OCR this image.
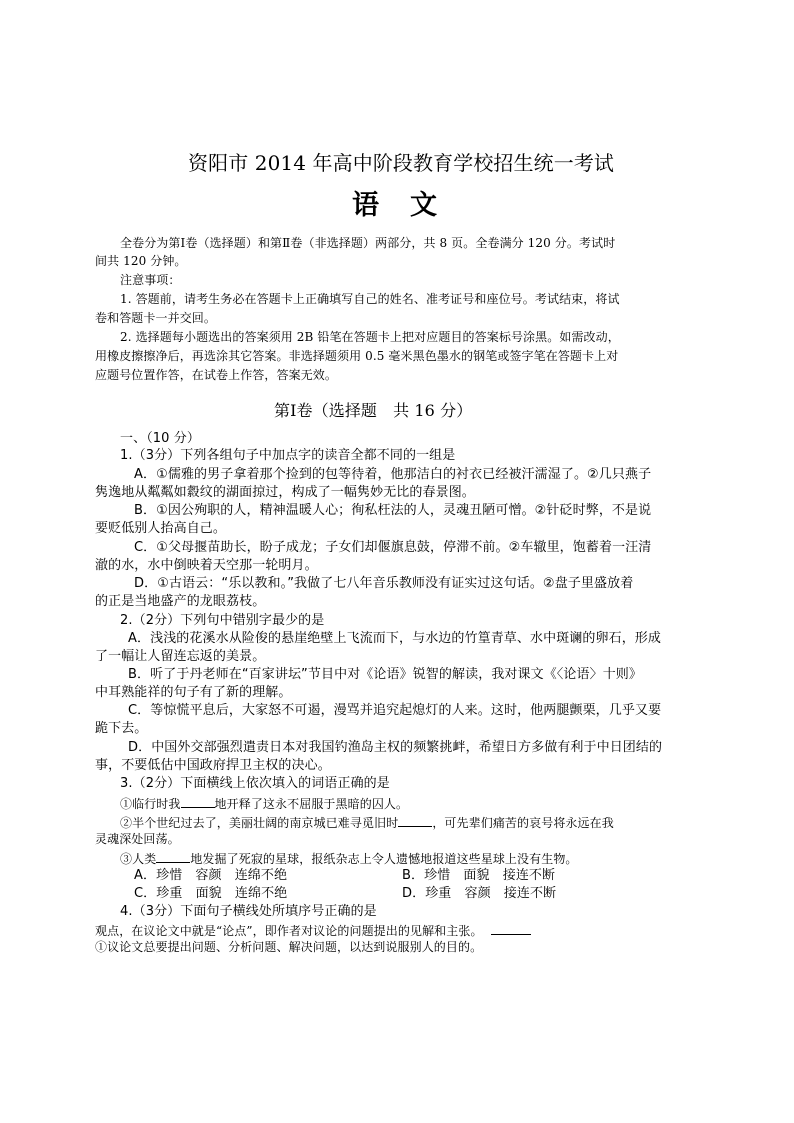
资阳市 2014 年高中阶段教育学校招生统一考试
语 文
全卷分为第Ⅰ卷（选择题）和第Ⅱ卷（非选择题）两部分，共 8 页。全卷满分 120 分。考试时
间共 120 分钟。
注意事项：
1. 答题前，请考生务必在答题卡上正确填写自己的姓名、准考证号和座位号。考试结束，将试
卷和答题卡一并交回。
2. 选择题每小题选出的答案须用 2B 铅笔在答题卡上把对应题目的答案标号涂黑。如需改动，
用橡皮擦擦净后，再选涂其它答案。非选择题须用 0.5 毫米黑色墨水的钢笔或签字笔在答题卡上对
应题号位置作答，在试卷上作答，答案无效。
第Ⅰ卷（选择题　共 16 分）
一、（10 分）
1.（3分）下列各组句子中加点字的读音全都不同的一组是
A．①儒雅的男子拿着那个捡到的包等待着，他那洁白的衬衣已经被汗濡湿了。②几只燕子
隽逸地从粼粼如縠纹的湖面掠过，构成了一幅隽妙无比的春景图。
B．①因公殉职的人，精神温暖人心；徇私枉法的人，灵魂丑陋可憎。②针砭时弊，不是说
要贬低别人抬高自己。
C．①父母揠苗助长，盼子成龙；子女们却偃旗息鼓，停滞不前。②车辙里，饱蓄着一汪清
澈的水，水中倒映着天空那一轮明月。
D．①古语云：“乐以教和。”我做了七八年音乐教师没有证实过这句话。②盘子里盛放着
的正是当地盛产的龙眼荔枝。
2.（2分）下列句中错别字最少的是
A．浅浅的花溪水从险俊的悬崖绝壁上飞流而下，与水边的竹篁青草、水中斑谰的卵石，形成
了一幅让人留连忘返的美景。
B．听了于丹老师在“百家讲坛”节目中对《论语》锐智的解读，我对课文《〈论语〉十则》
中耳熟能祥的句子有了新的理解。
C．等惊慌平息后，大家怒不可遏，漫骂并追究起熄灯的人来。这时，他两腿颤栗，几乎又要
跪下去。
D．中国外交部强烈遣责日本对我国钓渔岛主权的频繁挑衅，希望日方多做有利于中日团结的
事，不要低估中国政府捍卫主权的决心。
3.（2分）下面横线上依次填入的词语正确的是
①临行时我	地开释了这永不屈服于黑暗的囚人。
②半个世纪过去了，美丽壮阔的南京城已难寻觅旧时	，可先辈们痛苦的哀号将永远在我
灵魂深处回荡。
③人类	地发掘了死寂的星球，报纸杂志上令人遗憾地报道这些星球上没有生物。
A．珍惜　容颜　连绵不绝	B．珍惜　面貌　接连不断
C．珍重　面貌　连绵不绝	D．珍重　容颜　接连不断
4.（3分）下面句子横线处所填序号正确的是
观点，在议论文中就是“论点”，即作者对议论的问题提出的见解和主张。
①议论文总要提出问题、分析问题、解决问题，以达到说服别人的目的。
